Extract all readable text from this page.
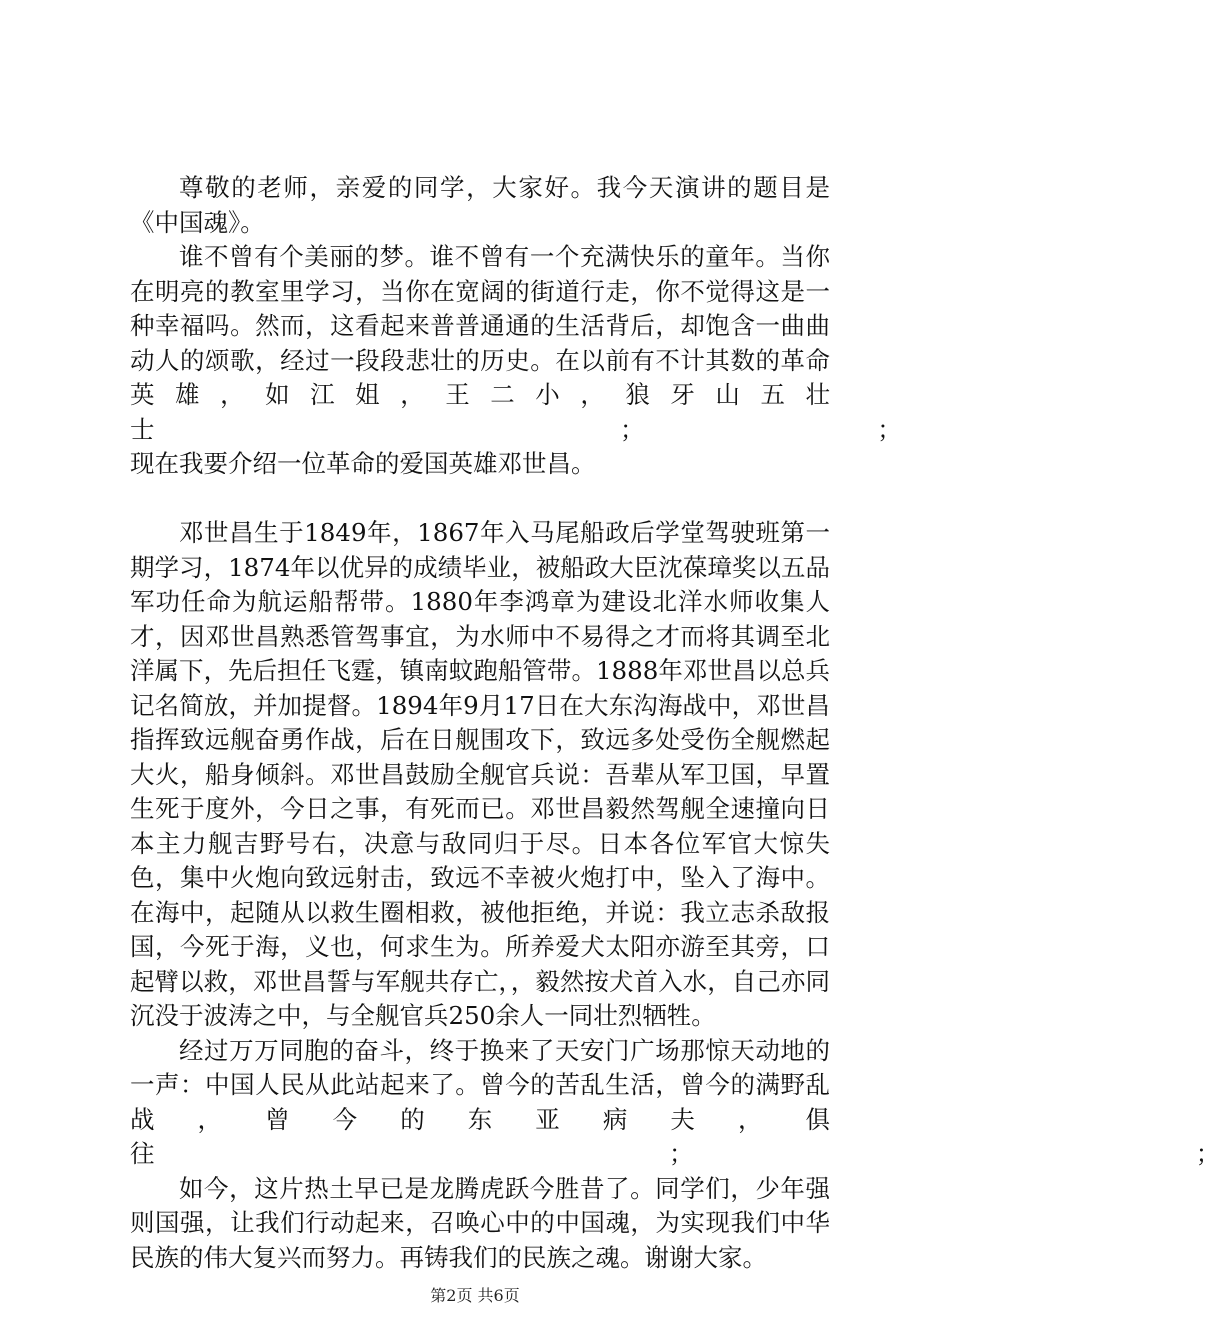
尊敬的老师，亲爱的同学，大家好。我今天演讲的题目是《中国魂》。

谁不曾有个美丽的梦。谁不曾有一个充满快乐的童年。当你在明亮的教室里学习，当你在宽阔的街道行走，你不觉得这是一种幸福吗。然而，这看起来普普通通的生活背后，却饱含一曲曲动人的颂歌，经过一段段悲壮的历史。在以前有不计其数的革命英雄，如江姐，王二小，狼牙山五壮士　　　　　　　　　　　　　　　　　　　；　　　　　　　　　　；现在我要介绍一位革命的爱国英雄邓世昌。

邓世昌生于1849年，1867年入马尾船政后学堂驾驶班第一期学习，1874年以优异的成绩毕业，被船政大臣沈葆璋奖以五品军功任命为航运船帮带。1880年李鸿章为建设北洋水师收集人才，因邓世昌熟悉管驾事宜，为水师中不易得之才而将其调至北洋属下，先后担任飞霆，镇南蚊跑船管带。1888年邓世昌以总兵记名简放，并加提督。1894年9月17日在大东沟海战中，邓世昌指挥致远舰奋勇作战，后在日舰围攻下，致远多处受伤全舰燃起大火，船身倾斜。邓世昌鼓励全舰官兵说：吾辈从军卫国，早置生死于度外，今日之事，有死而已。邓世昌毅然驾舰全速撞向日本主力舰吉野号右，决意与敌同归于尽。日本各位军官大惊失色，集中火炮向致远射击，致远不幸被火炮打中，坠入了海中。在海中，起随从以救生圈相救，被他拒绝，并说：我立志杀敌报国，今死于海，义也，何求生为。所养爱犬太阳亦游至其旁，口起臂以救，邓世昌誓与军舰共存亡，，毅然按犬首入水，自己亦同沉没于波涛之中，与全舰官兵250余人一同壮烈牺牲。

经过万万同胞的奋斗，终于换来了天安门广场那惊天动地的一声：中国人民从此站起来了。曾今的苦乱生活，曾今的满野乱战，曾今的东亚病夫，俱往　　　　　　　　　　　　　　　　　　　　　；　　　　　　　　　　　　　　　　　　　　　；

如今，这片热土早已是龙腾虎跃今胜昔了。同学们，少年强则国强，让我们行动起来，召唤心中的中国魂，为实现我们中华民族的伟大复兴而努力。再铸我们的民族之魂。谢谢大家。

第2页 共6页
